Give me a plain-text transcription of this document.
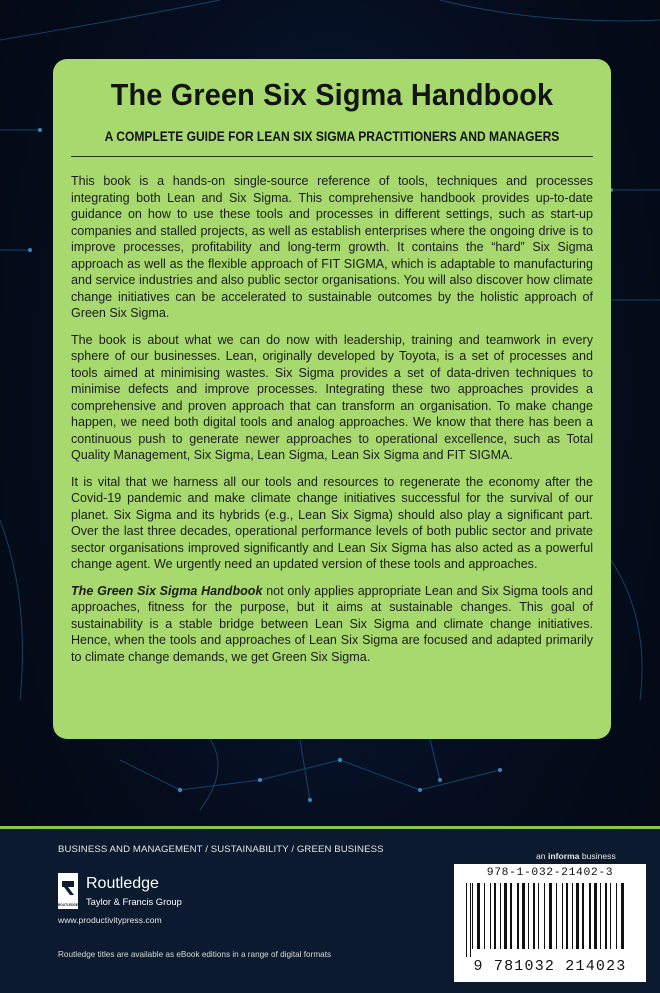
The Green Six Sigma Handbook
A COMPLETE GUIDE FOR LEAN SIX SIGMA PRACTITIONERS AND MANAGERS

This book is a hands-on single-source reference of tools, techniques and processes integrating both Lean and Six Sigma. This comprehensive handbook provides up-to-date guidance on how to use these tools and processes in different settings, such as start-up companies and stalled projects, as well as establish enterprises where the ongoing drive is to improve processes, profitability and long-term growth. It contains the “hard” Six Sigma approach as well as the flexible approach of FIT SIGMA, which is adaptable to manufacturing and service industries and also public sector organisations. You will also discover how climate change initiatives can be accelerated to sustainable outcomes by the holistic approach of Green Six Sigma.

The book is about what we can do now with leadership, training and teamwork in every sphere of our businesses. Lean, originally developed by Toyota, is a set of processes and tools aimed at minimising wastes. Six Sigma provides a set of data-driven techniques to minimise defects and improve processes. Integrating these two approaches provides a comprehensive and proven approach that can transform an organisation. To make change happen, we need both digital tools and analog approaches. We know that there has been a continuous push to generate newer approaches to operational excellence, such as Total Quality Management, Six Sigma, Lean Sigma, Lean Six Sigma and FIT SIGMA.

It is vital that we harness all our tools and resources to regenerate the economy after the Covid-19 pandemic and make climate change initiatives successful for the survival of our planet. Six Sigma and its hybrids (e.g., Lean Six Sigma) should also play a significant part. Over the last three decades, operational performance levels of both public sector and private sector organisations improved significantly and Lean Six Sigma has also acted as a powerful change agent. We urgently need an updated version of these tools and approaches.

The Green Six Sigma Handbook not only applies appropriate Lean and Six Sigma tools and approaches, fitness for the purpose, but it aims at sustainable changes. This goal of sustainability is a stable bridge between Lean Six Sigma and climate change initiatives. Hence, when the tools and approaches of Lean Six Sigma are focused and adapted primarily to climate change demands, we get Green Six Sigma.

BUSINESS AND MANAGEMENT / SUSTAINABILITY / GREEN BUSINESS
an informa business
ROUTLEDGE
Routledge
Taylor & Francis Group
www.productivitypress.com
Routledge titles are available as eBook editions in a range of digital formats
978-1-032-21402-3
9 781032 214023
